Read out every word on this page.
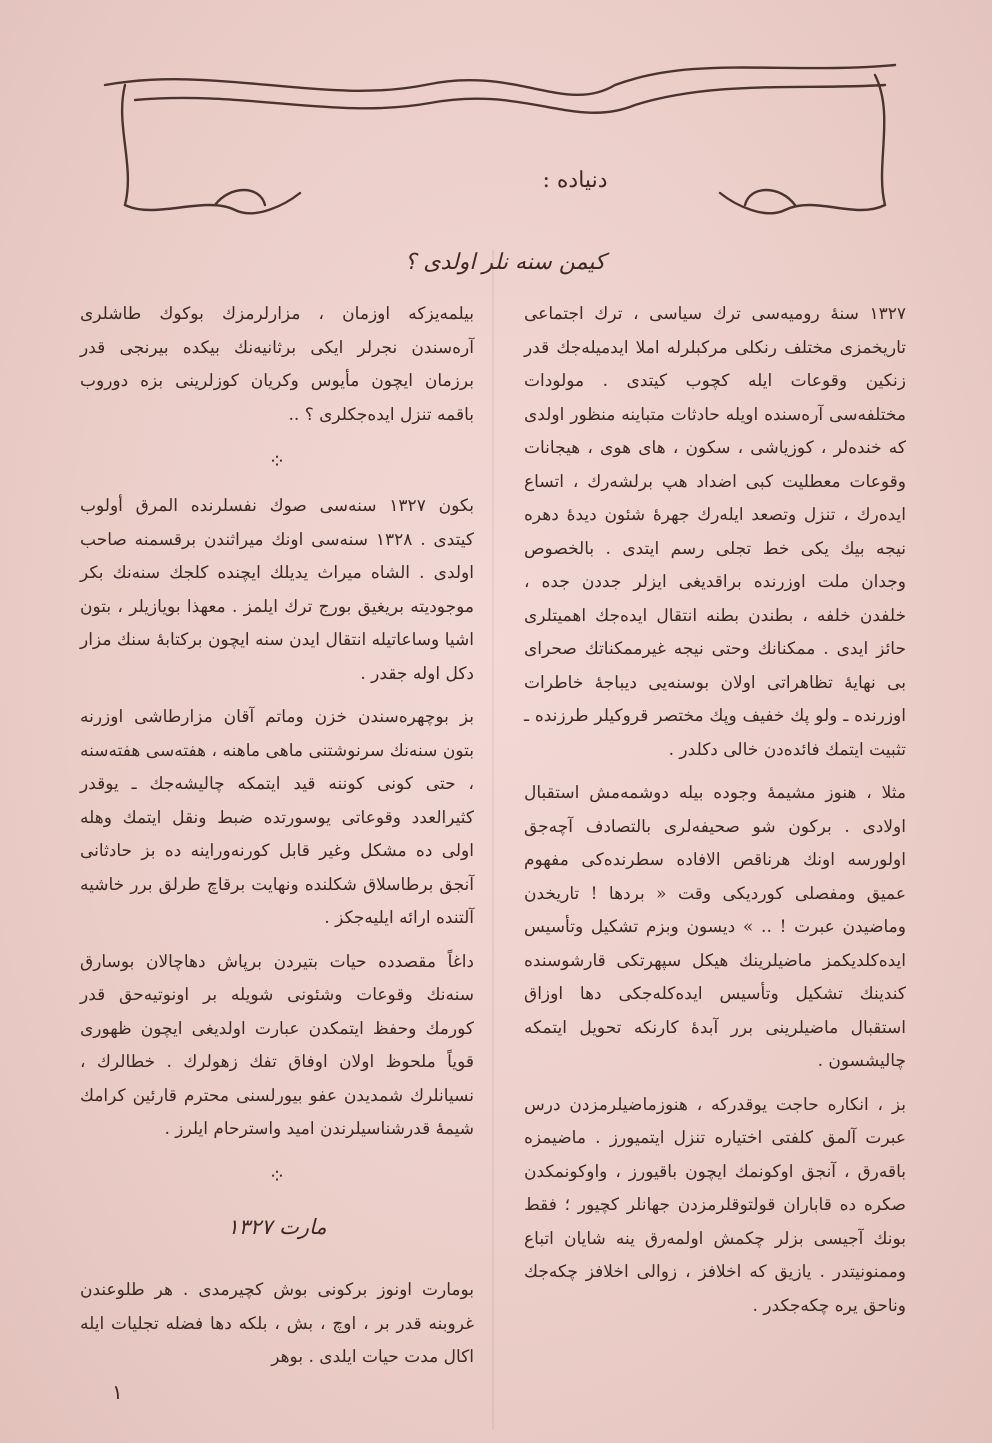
دنیاده :
کیمن سنه نلر اولدی ؟

۱۳۲۷ سنهٔ رومیه‌سی ترك سیاسی ، ترك اجتماعی تاریخمزی مختلف رنکلی مرکبلرله املا ایدمیله‌جك قدر زنکین وقوعات ایله کچوب کیتدی . مولودات مختلفه‌سی آره‌سنده اویله حادثات متباینه منظور اولدی که خنده‌لر ، کوزیاشی ، سکون ، های هوی ، هیجانات وقوعات معطلیت کبی اضداد هپ برلشه‌رك ، اتساع ایده‌رك ، تنزل وتصعد ایله‌رك جهرهٔ شئون دیدهٔ دهره نیجه بیك یکی خط تجلی رسم ایتدی . بالخصوص وجدان ملت اوزرنده براقدیغی ایزلر جددن جده ، خلفدن خلفه ، بطندن بطنه انتقال ایده‌جك اهمیتلری حائز ایدی . ممکنانك وحتی نیجه غیرممکناتك صحرای بی نهایهٔ تظاهراتی اولان بوسنه‌یی دیباجهٔ خاطرات اوزرنده ـ ولو پك خفیف وپك مختصر قروکیلر طرزنده ـ تثبیت ایتمك فائده‌دن خالی دکلدر .

مثلا ، هنوز مشیمهٔ وجوده بیله دوشمه‌مش استقبال اولادی . برکون شو صحیفه‌لری بالتصادف آچه‌جق اولورسه اونك هرناقص الافاده سطرنده‌کی مفهوم عمیق ومفصلی کوردیکی وقت « بردها ! تاریخدن وماضیدن عبرت ! .. » دیسون وبزم تشکیل وتأسیس ایده‌کلدیکمز ماضیلرینك هیکل سپهرتکی قارشوسنده کندینك تشکیل وتأسیس ایده‌کله‌جکی دها اوزاق استقبال ماضیلرینی برر آبدهٔ کارنکه تحویل ایتمکه چالیشسون .

بز ، انکاره حاجت یوقدرکه ، هنوزماضیلرمزدن درس عبرت آلمق کلفتی اختیاره تنزل ایتمیورز . ماضیمزه باقه‌رق ، آنجق اوکونمك ایچون باقیورز ، واوکونمکدن صکره ده قاباران قولتوقلرمزدن جهانلر کچیور ؛ فقط بونك آجیسی بزلر چکمش اولمه‌رق ینه شایان اتباع وممنونیتدر . یازیق که اخلافز ، زوالی اخلافز چکه‌جك وناحق یره چکه‌جکدر .

بیلمه‌یزکه اوزمان ، مزارلرمزك بوکوك طاشلری آره‌سندن نجرلر ایکی برثانیه‌نك بیکده بیرنجی قدر برزمان ایچون مأیوس وکریان کوزلرینی بزه دوروب باقمه تنزل ایده‌جکلری ؟ ..

⁘

بکون ۱۳۲۷ سنه‌سی صوك نفسلرنده المرق أولوب کیتدی . ۱۳۲۸ سنه‌سی اونك میراثندن برقسمنه صاحب اولدی . الشاه میراث یدیلك ایچنده کلجك سنه‌نك بکر موجودیته بریغیق بورج ترك ایلمز . معهذا بویازیلر ، بتون اشیا وساعاتیله انتقال ایدن سنه ایچون برکتابهٔ سنك مزار دکل اوله جقدر .

بز بوچهره‌سندن خزن وماتم آقان مزارطاشی اوزرنه بتون سنه‌نك سرنوشتنی ماهی ماهنه ، هفته‌سی هفته‌سنه ، حتی کونی کوننه قید ایتمکه چالیشه‌جك ـ یوقدر کثیرالعدد وقوعاتی یوسورتده ضبط ونقل ایتمك وهله اولی ده مشکل وغیر قابل کورنه‌وراینه ده بز حادثانی آنجق برطاسلاق شکلنده ونهایت برقاچ طرلق برر خاشیه آلتنده ارائه ایلیه‌جکز .

داغاً مقصدده حیات بتیردن برپاش دهاچالان بوسارق سنه‌نك وقوعات وشئونی شویله بر اونوتیه‌حق قدر کورمك وحفظ ایتمکدن عبارت اولدیغی ایچون ظهوری قویاً ملحوظ اولان اوفاق تفك زهولرك . خطالرك ، نسیانلرك شمدیدن عفو بیورلسنی محترم قارئین کرامك شیمهٔ قدرشناسیلرندن امید واسترحام ایلرز .

⁘
مارت ۱۳۲۷

بومارت اونوز برکونی بوش کچیرمدی . هر طلوعندن غروبنه قدر بر ، اوچ ، بش ، بلکه دها فضله تجلیات ایله اکال مدت حیات ایلدی . بوهر

۱
